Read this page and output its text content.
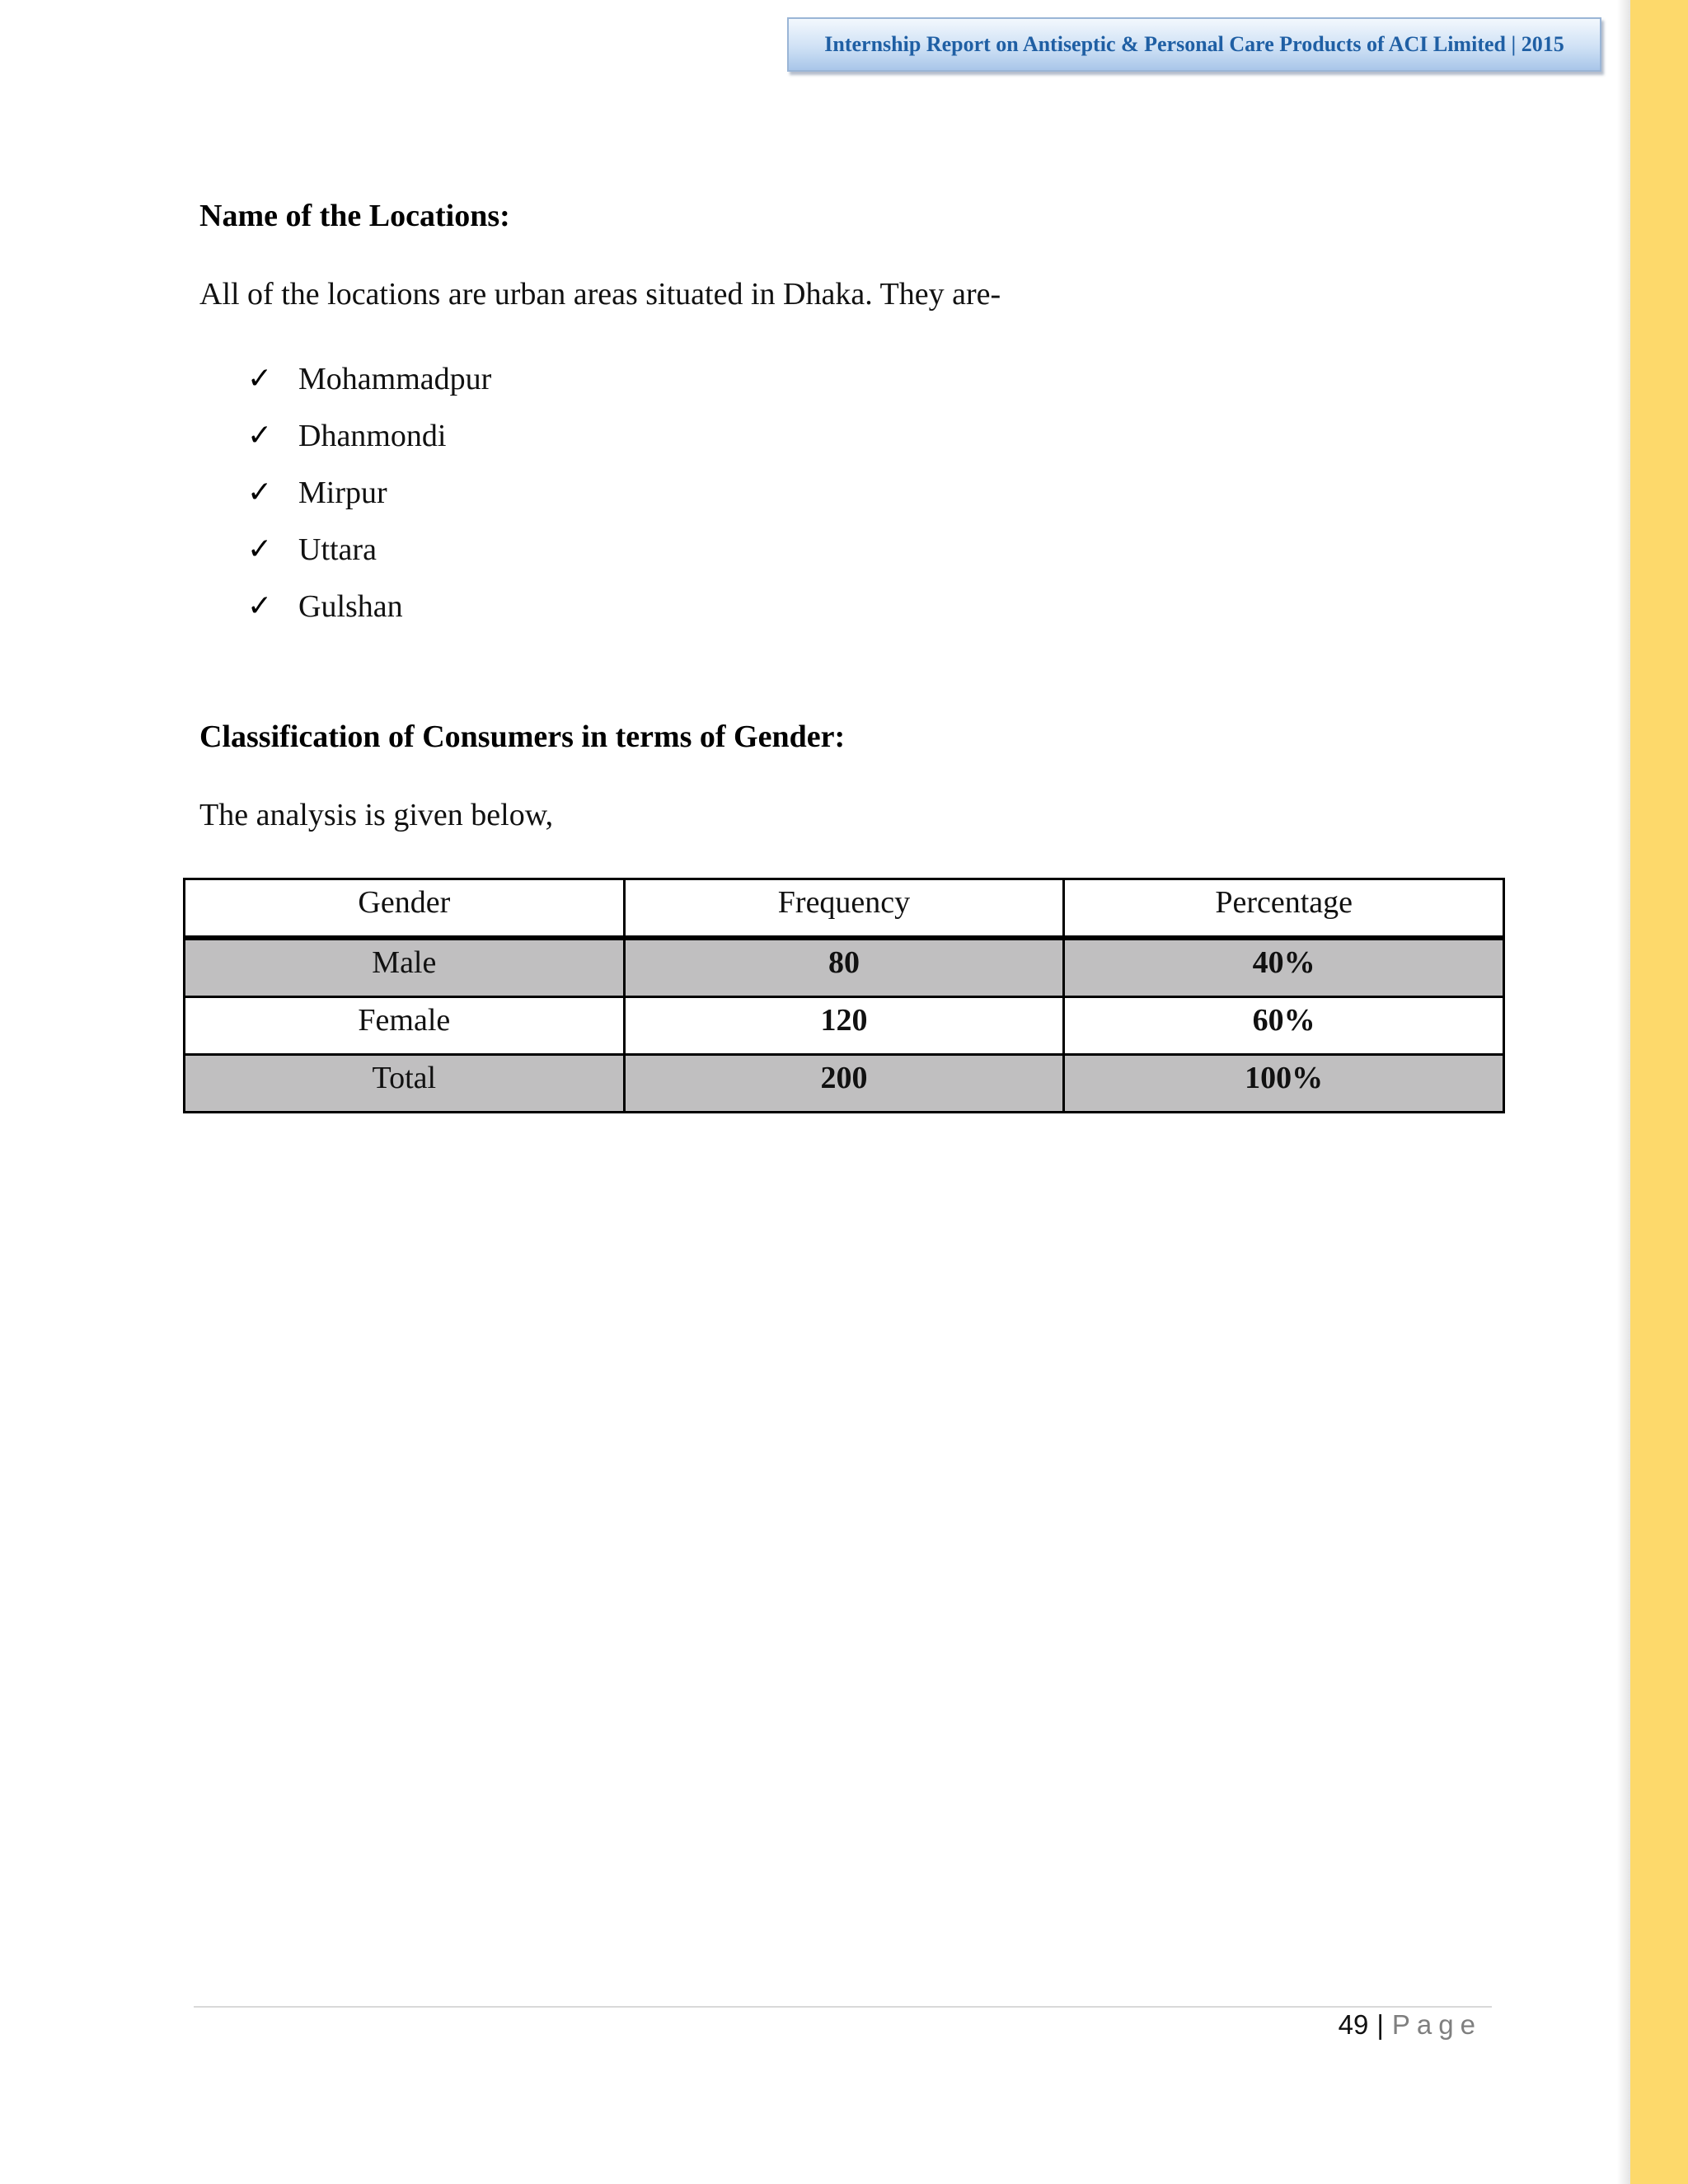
Internship Report on Antiseptic & Personal Care Products of ACI Limited | 2015
Name of the Locations:
All of the locations are urban areas situated in Dhaka. They are-
✓ Mohammadpur
✓ Dhanmondi
✓ Mirpur
✓ Uttara
✓ Gulshan
Classification of Consumers in terms of Gender:
The analysis is given below,
Gender	Frequency	Percentage
Male	80	40%
Female	120	60%
Total	200	100%
49 | Page
